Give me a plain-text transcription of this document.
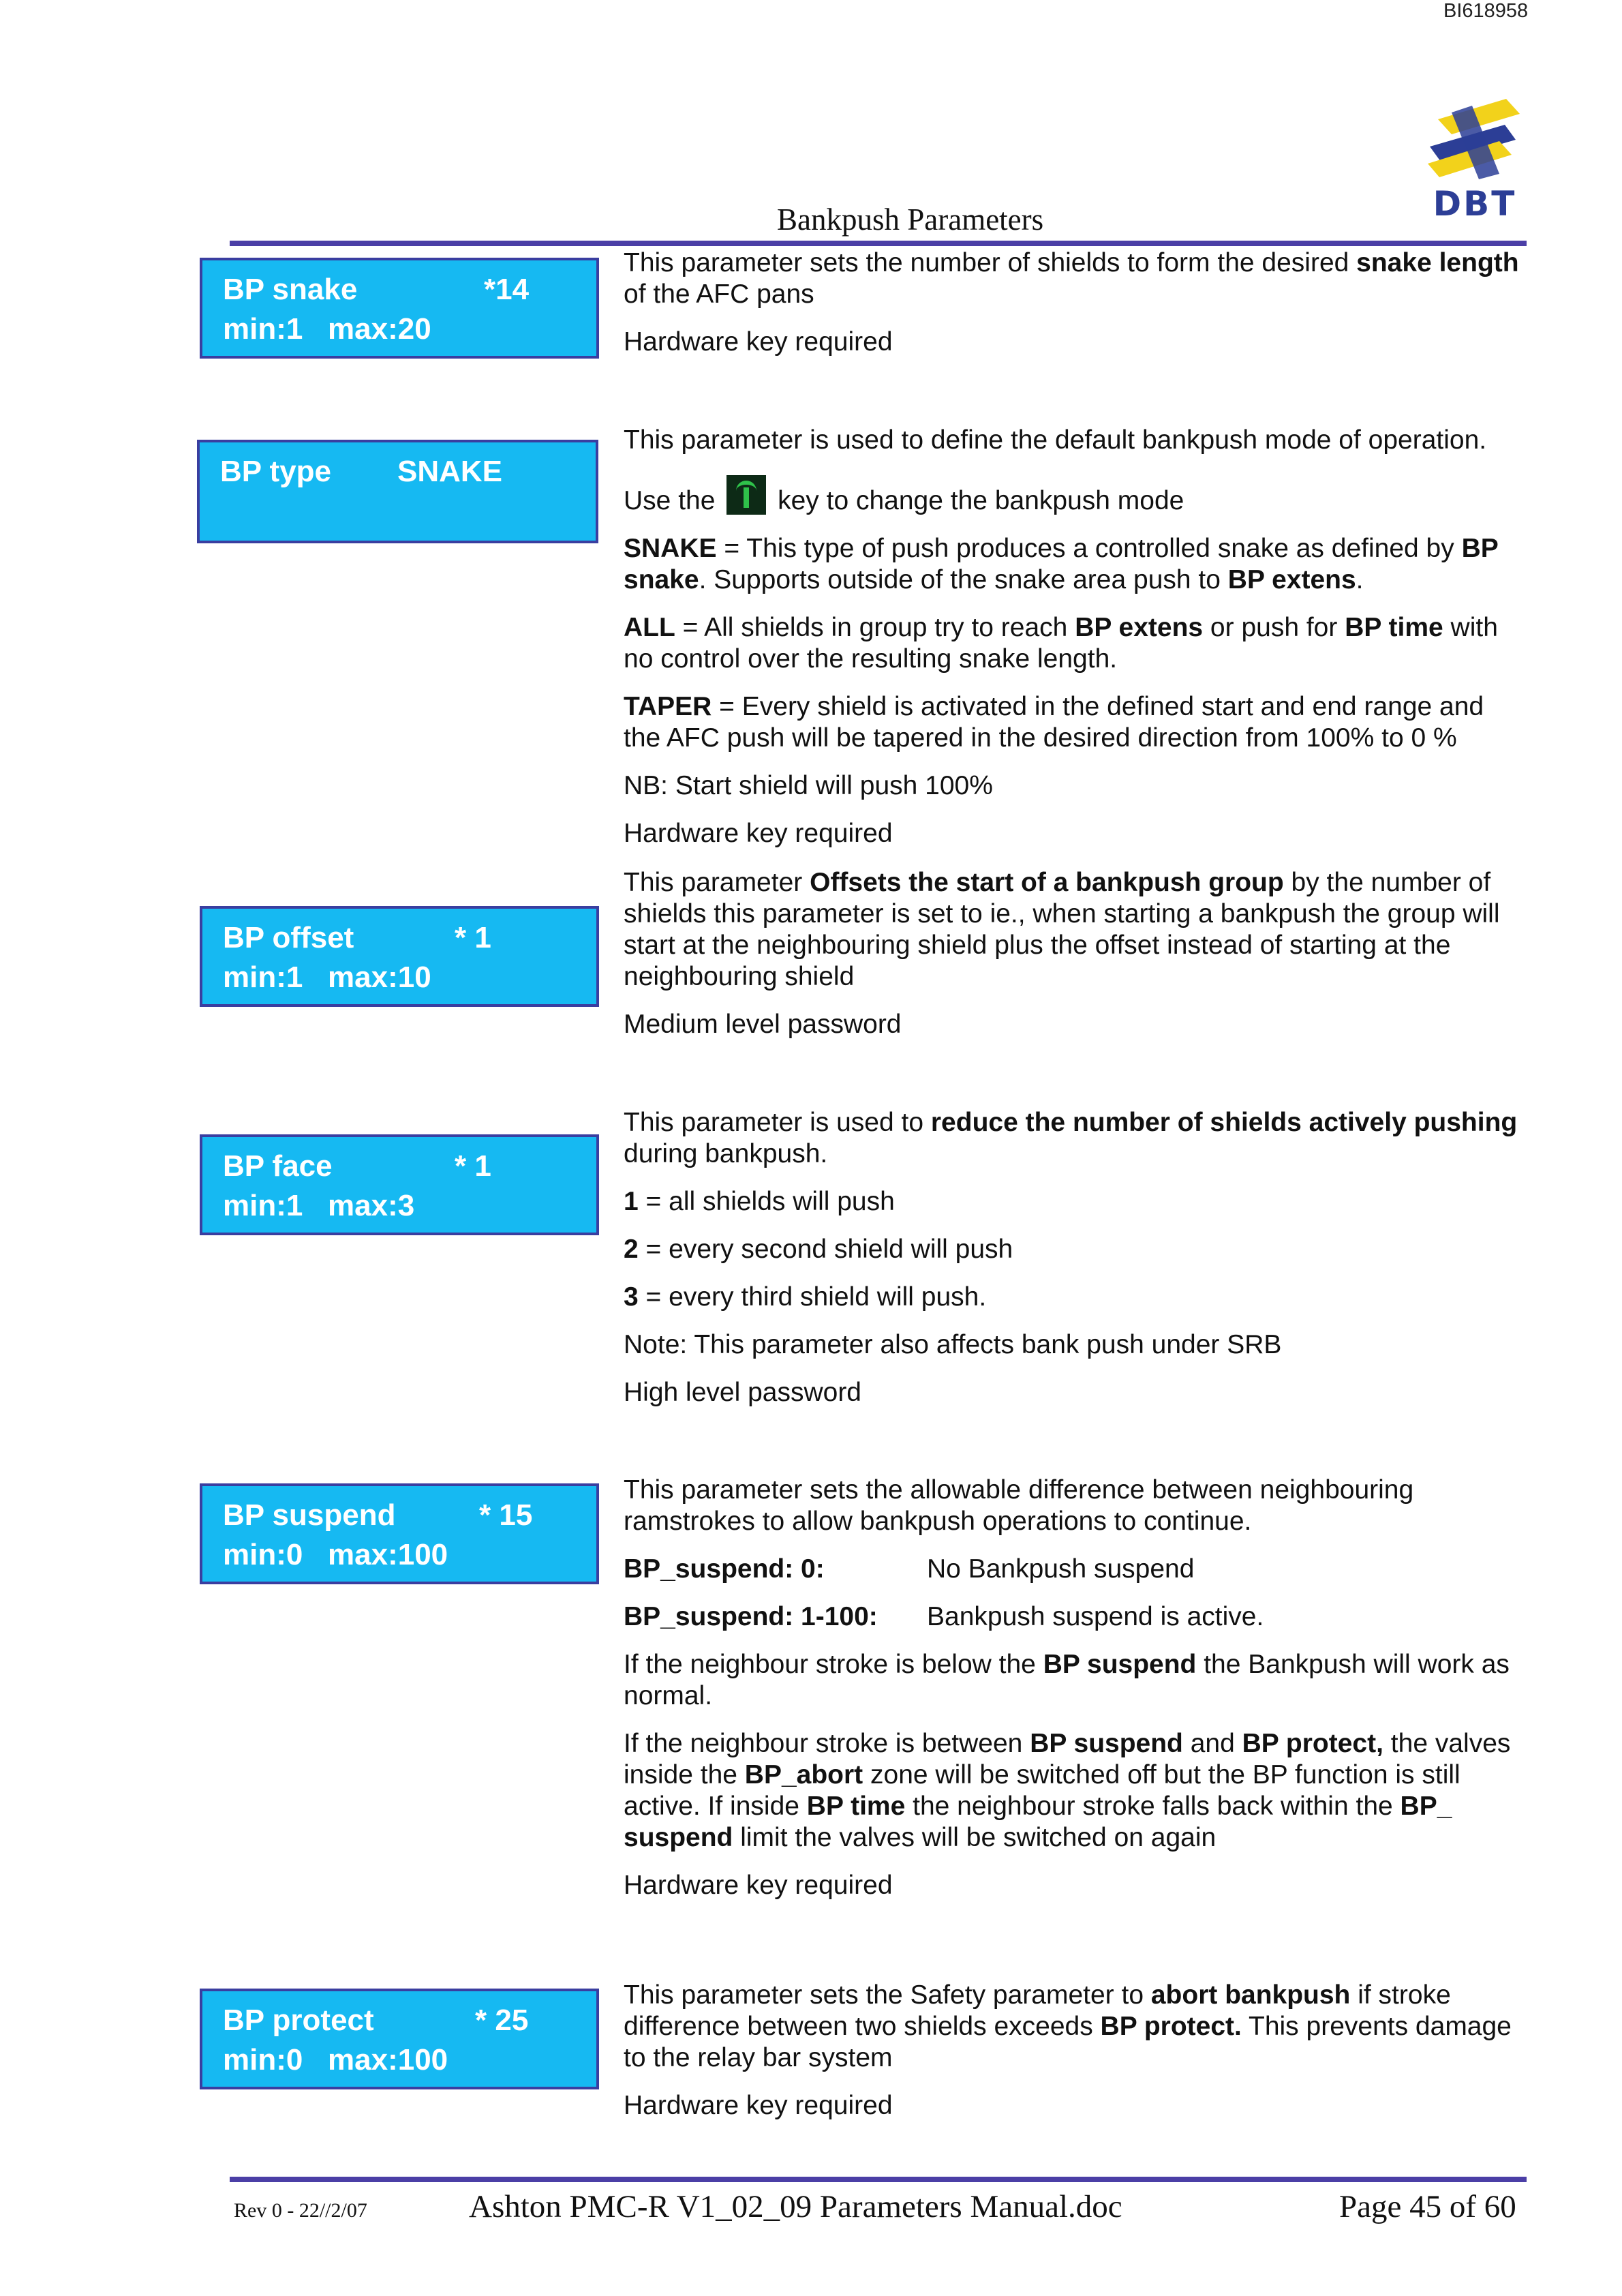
BI618958
DBT
Bankpush Parameters
BP snake	*14
min:1   max:20

This parameter sets the number of shields to form the desired snake length of the AFC pans

Hardware key required

BP type SNAKE

This parameter is used to define the default bankpush mode of operation.

Use the key to change the bankpush mode

SNAKE = This type of push produces a controlled snake as defined by BP snake. Supports outside of the snake area push to BP extens.

ALL = All shields in group try to reach BP extens or push for BP time with no control over the resulting snake length.

TAPER = Every shield is activated in the defined start and end range and the AFC push will be tapered in the desired direction from 100% to 0 %

NB: Start shield will push 100%

Hardware key required

BP offset	* 1
min:1   max:10

This parameter Offsets the start of a bankpush group by the number of shields this parameter is set to ie., when starting a bankpush the group will start at the neighbouring shield plus the offset instead of starting at the neighbouring shield

Medium level password

BP face	* 1
min:1   max:3

This parameter is used to reduce the number of shields actively pushing during bankpush.

1 = all shields will push

2 = every second shield will push

3 = every third shield will push.

Note: This parameter also affects bank push under SRB

High level password

BP suspend	* 15
min:0   max:100

This parameter sets the allowable difference between neighbouring ramstrokes to allow bankpush operations to continue.

BP_suspend: 0:	No Bankpush suspend

BP_suspend: 1-100:	Bankpush suspend is active.

If the neighbour stroke is below the BP suspend the Bankpush will work as normal.

If the neighbour stroke is between BP suspend and BP protect, the valves inside the BP_abort zone will be switched off but the BP function is still active. If inside BP time the neighbour stroke falls back within the BP_ suspend limit the valves will be switched on again

Hardware key required

BP protect	* 25
min:0   max:100

This parameter sets the Safety parameter to abort bankpush if stroke difference between two shields exceeds BP protect. This prevents damage to the relay bar system

Hardware key required

Rev 0 - 22//2/07	Ashton PMC-R V1_02_09 Parameters Manual.doc	Page 45 of 60
